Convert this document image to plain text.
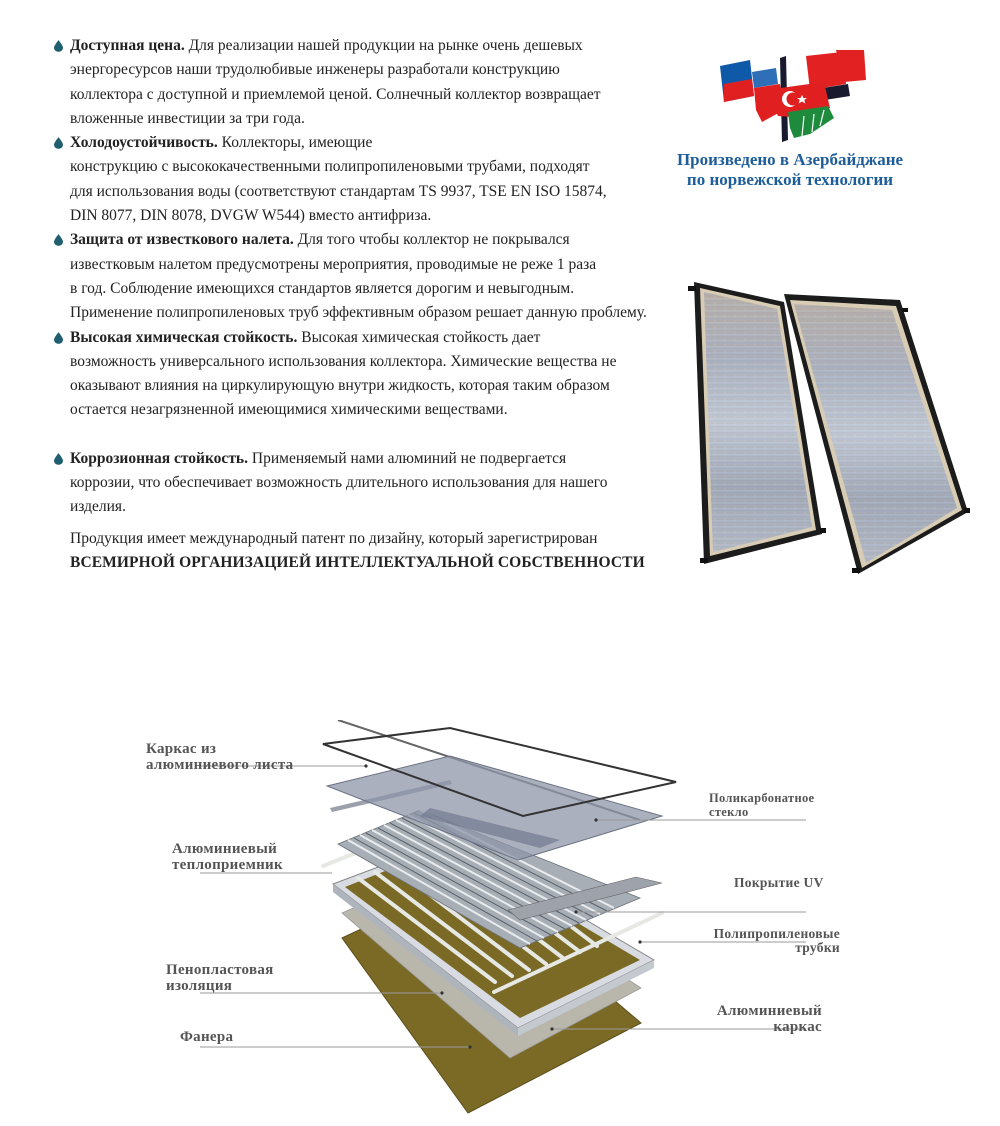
Доступная цена. Для реализации нашей продукции на рынке очень дешевых
энергоресурсов наши трудолюбивые инженеры разработали конструкцию
коллектора с доступной и приемлемой ценой. Солнечный коллектор возвращает
вложенные инвестиции за три года.
Холодоустойчивость. Коллекторы, имеющие
конструкцию с высококачественными полипропиленовыми трубами, подходят
для использования воды (соответствуют стандартам TS 9937, TSE EN ISO 15874,
DIN 8077, DIN 8078, DVGW W544) вместо антифриза.
Защита от известкового налета. Для того чтобы коллектор не покрывался
известковым налетом предусмотрены мероприятия, проводимые не реже 1 раза
в год. Соблюдение имеющихся стандартов является дорогим и невыгодным.
Применение полипропиленовых труб эффективным образом решает данную проблему.
Высокая химическая стойкость. Высокая химическая стойкость дает
возможность универсального использования коллектора. Химические вещества не
оказывают влияния на циркулирующую внутри жидкость, которая таким образом
остается незагрязненной имеющимися химическими веществами.
Коррозионная стойкость. Применяемый нами алюминий не подвергается
коррозии, что обеспечивает возможность длительного использования для нашего
изделия.
Продукция имеет международный патент по дизайну, который зарегистрирован
ВСЕМИРНОЙ ОРГАНИЗАЦИЕЙ ИНТЕЛЛЕКТУАЛЬНОЙ СОБСТВЕННОСТИ
Произведено в Азербайджане
по норвежской технологии
Каркас из
алюминиевого листа
Алюминиевый
теплоприемник
Пенопластовая
изоляция
Фанера
Поликарбонатное
стекло
Покрытие UV
Полипропиленовые
трубки
Алюминиевый
каркас
